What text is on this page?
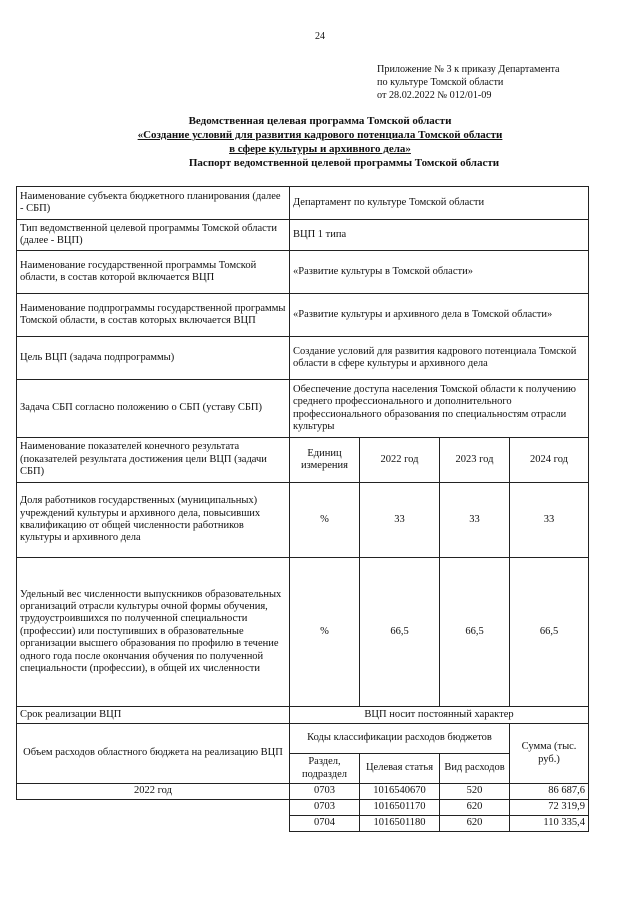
24
Приложение № 3 к приказу Департамента
по культуре Томской области
от 28.02.2022 № 012/01-09
Ведомственная целевая программа Томской области
«Создание условий для развития кадрового потенциала Томской области
в сфере культуры и архивного дела»
Паспорт ведомственной целевой программы Томской области
Наименование субъекта бюджетного планирования (далее - СБП)	Департамент по культуре Томской области			
Тип ведомственной целевой программы Томской области (далее - ВЦП)	ВЦП 1 типа			
Наименование государственной программы Томской области, в состав которой включается ВЦП	«Развитие культуры в Томской области»			
Наименование подпрограммы государственной программы Томской области, в состав которых включается ВЦП	«Развитие культуры и архивного дела в Томской области»			
Цель ВЦП (задача подпрограммы)	Создание условий для развития кадрового потенциала Томской области в сфере культуры и архивного дела			
Задача СБП согласно положению о СБП (уставу СБП)	Обеспечение доступа населения Томской области к получению среднего профессионального и дополнительного профессионального образования по специальностям отрасли культуры			
Наименование показателей конечного результата (показателей результата достижения цели ВЦП (задачи СБП)	Единиц измерения	2022 год	2023 год	2024 год
Доля работников государственных (муниципальных) учреждений культуры и архивного дела, повысивших квалификацию от общей численности работников культуры и архивного дела	%	33	33	33
Удельный вес численности выпускников образовательных организаций отрасли культуры очной формы обучения, трудоустроившихся по полученной специальности (профессии) или поступивших в образовательные организации высшего образования по профилю в течение одного года после окончания обучения по полученной специальности (профессии), в общей их численности	%	66,5	66,5	66,5
Срок реализации ВЦП	ВЦП носит постоянный характер			
Объем расходов областного бюджета на реализацию ВЦП	Коды классификации расходов бюджетов			Сумма (тыс. руб.)
	Раздел, подраздел	Целевая статья	Вид расходов	
2022 год	0703	1016540670	520	86 687,6
	0703	1016501170	620	72 319,9
	0704	1016501180	620	110 335,4
